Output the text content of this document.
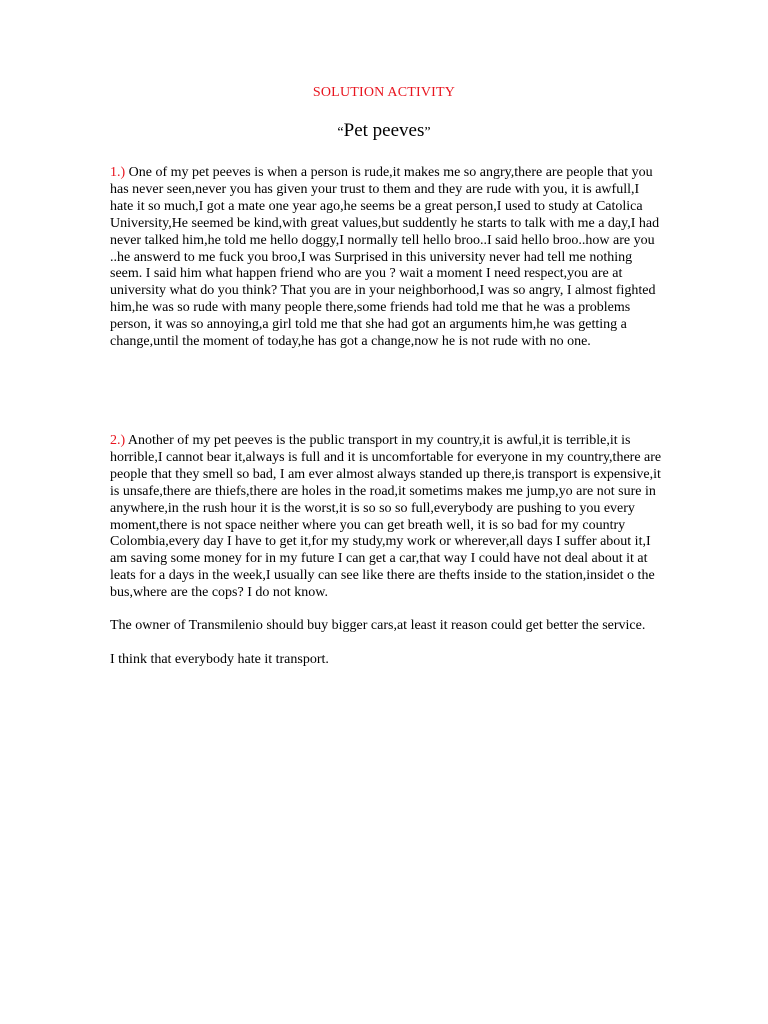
SOLUTION ACTIVITY
“Pet peeves”

1.) One of my pet peeves is when a person is rude,it makes me so angry,there are people that you has never seen,never you has given your trust to them and they are rude with you, it is awfull,I hate it so much,I got a mate one year ago,he seems be a great person,I used to study at Catolica University,He seemed be kind,with great values,but suddently he starts to talk with me a day,I had never talked him,he told me hello doggy,I normally tell hello broo..I said hello broo..how are you ..he answerd to me fuck you broo,I was Surprised in this university never had tell me nothing seem. I said him what happen friend who are you ? wait a moment I need respect,you are at university what do you think? That you are in your neighborhood,I was so angry, I almost fighted him,he was so rude with many people there,some friends had told me that he was a problems person, it was so annoying,a girl told me that she had got an arguments him,he was getting a change,until the moment of today,he has got a change,now he is not rude with no one.

2.) Another of my pet peeves is the public transport in my country,it is awful,it is terrible,it is horrible,I cannot bear it,always is full and it is uncomfortable for everyone in my country,there are people that they smell so bad, I am ever almost always standed up there,is transport is expensive,it is unsafe,there are thiefs,there are holes in the road,it sometims makes me jump,yo are not sure in anywhere,in the rush hour it is the worst,it is so so so full,everybody are pushing to you every moment,there is not space neither where you can get breath well, it is so bad for my country Colombia,every day I have to get it,for my study,my work or wherever,all days I suffer about it,I am saving some money for in my future I can get a car,that way I could have not deal about it at leats for a days in the week,I usually can see like there are thefts inside to the station,insidet o the bus,where are the cops? I do not know.

The owner of Transmilenio should buy bigger cars,at least it reason could get better the service.

I think that everybody hate it transport.
